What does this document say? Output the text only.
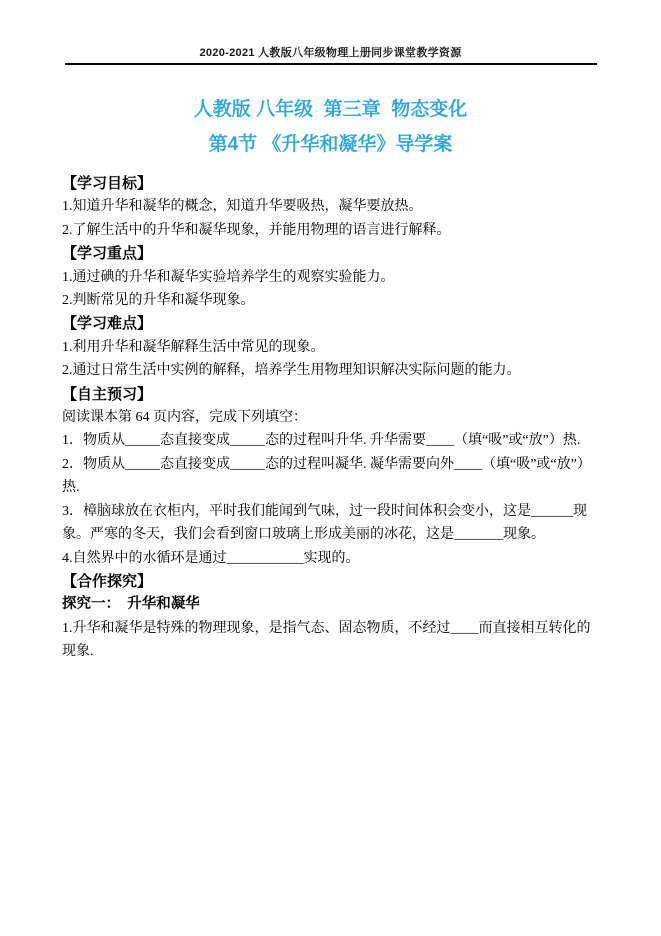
2020-2021 人教版八年级物理上册同步课堂教学资源
人教版 八年级  第三章  物态变化
第4节 《升华和凝华》导学案
【学习目标】
1.知道升华和凝华的概念，知道升华要吸热，凝华要放热。
2.了解生活中的升华和凝华现象，并能用物理的语言进行解释。
【学习重点】
1.通过碘的升华和凝华实验培养学生的观察实验能力。
2.判断常见的升华和凝华现象。
【学习难点】
1.利用升华和凝华解释生活中常见的现象。
2.通过日常生活中实例的解释，培养学生用物理知识解决实际问题的能力。
【自主预习】
阅读课本第 64 页内容，完成下列填空：
1．物质从_____态直接变成_____态的过程叫升华. 升华需要____（填“吸”或“放”）热.
2．物质从_____态直接变成_____态的过程叫凝华. 凝华需要向外____（填“吸”或“放”）热.
3．樟脑球放在衣柜内，平时我们能闻到气味，过一段时间体积会变小，这是______现象。严寒的冬天，我们会看到窗口玻璃上形成美丽的冰花，这是_______现象。
4.自然界中的水循环是通过___________实现的。
【合作探究】
探究一：  升华和凝华
1.升华和凝华是特殊的物理现象，是指气态、固态物质，不经过____而直接相互转化的现象.
